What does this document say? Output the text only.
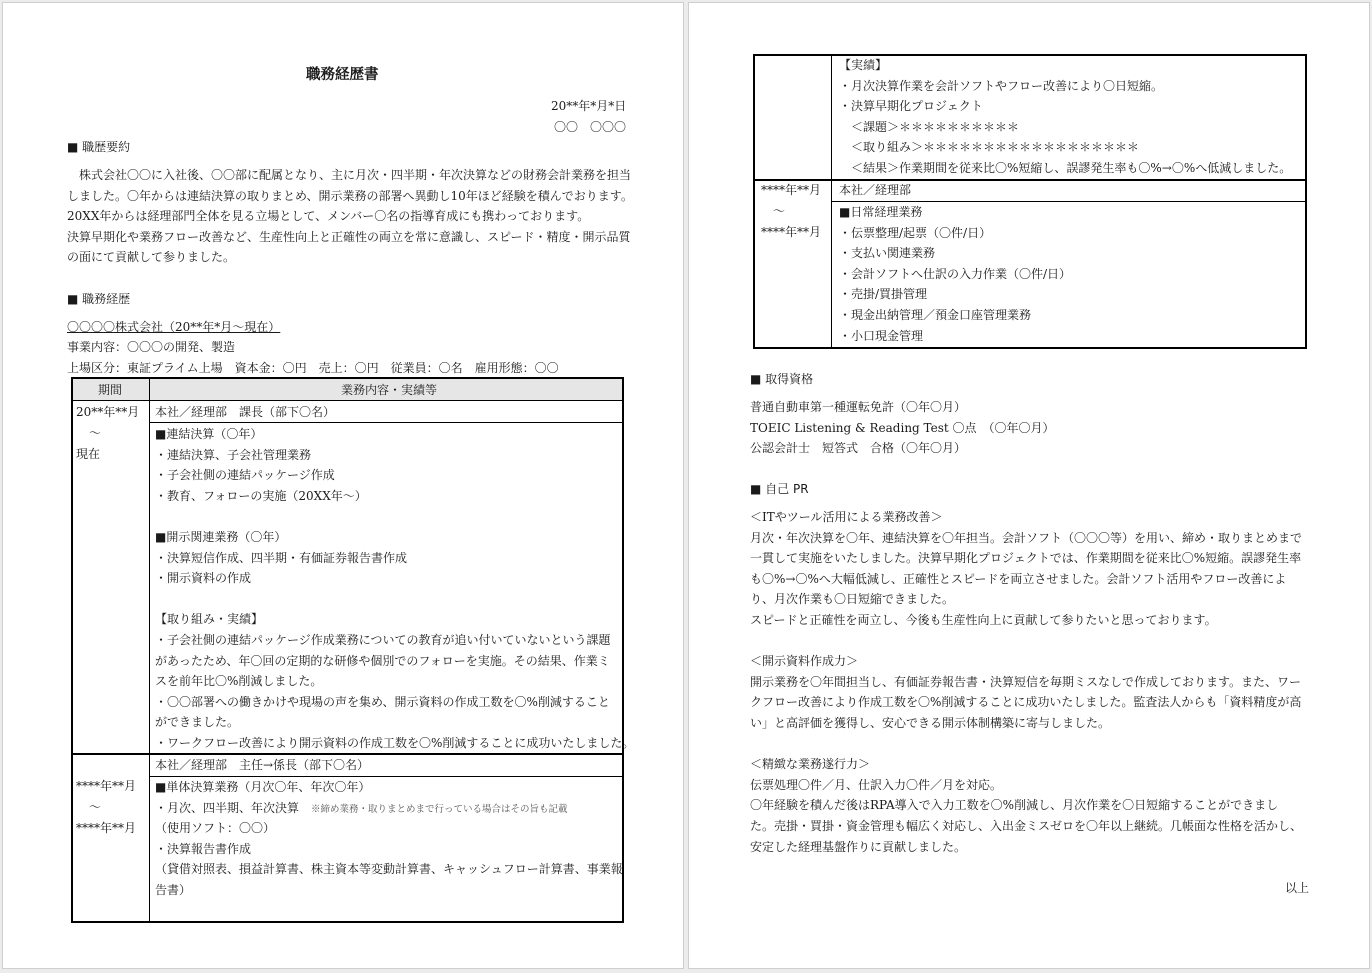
職務経歴書
20**年*月*日
〇〇　〇〇〇
■ 職歴要約
　株式会社〇〇に入社後、〇〇部に配属となり、主に月次・四半期・年次決算などの財務会計業務を担当
しました。〇年からは連結決算の取りまとめ、開示業務の部署へ異動し10年ほど経験を積んでおります。
20XX年からは経理部門全体を見る立場として、メンバー〇名の指導育成にも携わっております。
決算早期化や業務フロー改善など、生産性向上と正確性の両立を常に意識し、スピード・精度・開示品質
の面にて貢献して参りました。
■ 職務経歴
〇〇〇〇株式会社（20**年*月〜現在）
事業内容：〇〇〇の開発、製造
上場区分：東証プライム上場　資本金：〇円　売上：〇円　従業員：〇名　雇用形態：〇〇
期間	業務内容・実績等
20**年**月
〜
現在
本社／経理部　課長（部下〇名）
■連結決算（〇年）
・連結決算、子会社管理業務
・子会社側の連結パッケージ作成
・教育、フォローの実施（20XX年〜）
■開示関連業務（〇年）
・決算短信作成、四半期・有価証券報告書作成
・開示資料の作成
【取り組み・実績】
・子会社側の連結パッケージ作成業務についての教育が追い付いていないという課題
があったため、年〇回の定期的な研修や個別でのフォローを実施。その結果、作業ミ
スを前年比〇%削減しました。
・〇〇部署への働きかけや現場の声を集め、開示資料の作成工数を〇%削減すること
ができました。
・ワークフロー改善により開示資料の作成工数を〇%削減することに成功いたしました。
****年**月
〜
****年**月
本社／経理部　主任→係長（部下〇名）
■単体決算業務（月次〇年、年次〇年）
・月次、四半期、年次決算　 ※締め業務・取りまとめまで行っている場合はその旨も記載
（使用ソフト：〇〇）
・決算報告書作成
（貸借対照表、損益計算書、株主資本等変動計算書、キャッシュフロー計算書、事業報
告書）
【実績】
・月次決算作業を会計ソフトやフロー改善により〇日短縮。
・決算早期化プロジェクト
　＜課題＞＊＊＊＊＊＊＊＊＊＊
　＜取り組み＞＊＊＊＊＊＊＊＊＊＊＊＊＊＊＊＊＊＊
　＜結果＞作業期間を従来比〇%短縮し、誤謬発生率も〇%→〇%へ低減しました。
****年**月
〜
****年**月
本社／経理部
■日常経理業務
・伝票整理/起票（〇件/日）
・支払い関連業務
・会計ソフトへ仕訳の入力作業（〇件/日）
・売掛/買掛管理
・現金出納管理／預金口座管理業務
・小口現金管理
■ 取得資格
普通自動車第一種運転免許（〇年〇月）
TOEIC Listening & Reading Test 〇点　（〇年〇月）
公認会計士　短答式　合格（〇年〇月）
■ 自己 PR
＜ITやツール活用による業務改善＞
月次・年次決算を〇年、連結決算を〇年担当。会計ソフト（〇〇〇等）を用い、締め・取りまとめまで
一貫して実施をいたしました。決算早期化プロジェクトでは、作業期間を従来比〇%短縮。誤謬発生率
も〇%→〇%へ大幅低減し、正確性とスピードを両立させました。会計ソフト活用やフロー改善によ
り、月次作業も〇日短縮できました。
スピードと正確性を両立し、今後も生産性向上に貢献して参りたいと思っております。
＜開示資料作成力＞
開示業務を〇年間担当し、有価証券報告書・決算短信を毎期ミスなしで作成しております。また、ワー
クフロー改善により作成工数を〇%削減することに成功いたしました。監査法人からも「資料精度が高
い」と高評価を獲得し、安心できる開示体制構築に寄与しました。
＜精緻な業務遂行力＞
伝票処理〇件／月、仕訳入力〇件／月を対応。
〇年経験を積んだ後はRPA導入で入力工数を〇%削減し、月次作業を〇日短縮することができまし
た。売掛・買掛・資金管理も幅広く対応し、入出金ミスゼロを〇年以上継続。几帳面な性格を活かし、
安定した経理基盤作りに貢献しました。
以上
